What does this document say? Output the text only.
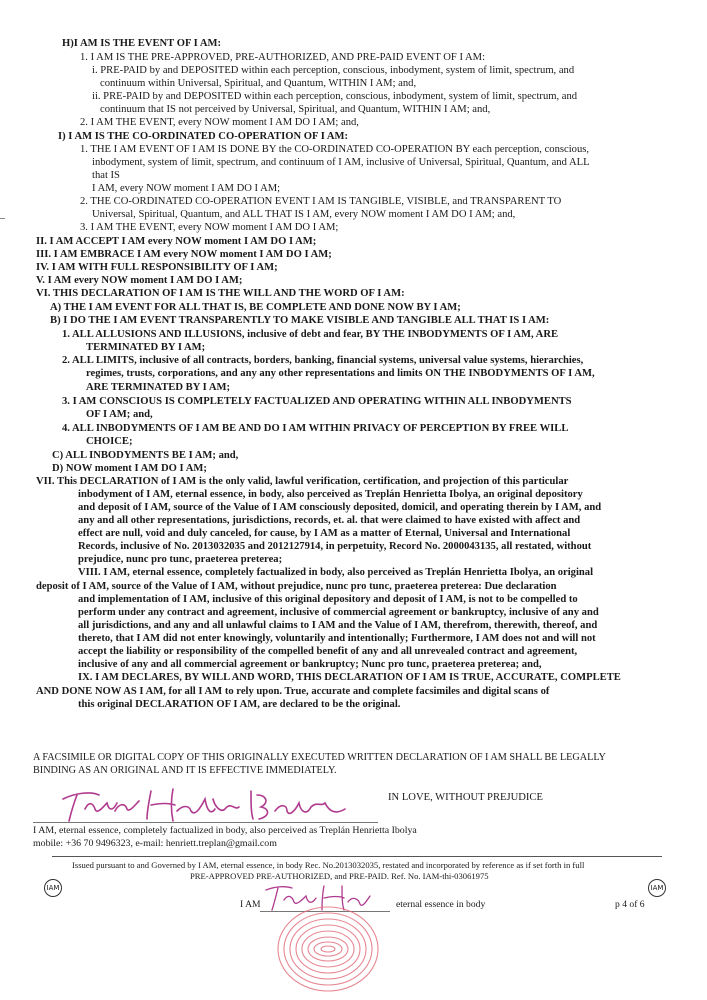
H)I AM IS THE EVENT OF I AM:
1. I AM IS THE PRE-APPROVED, PRE-AUTHORIZED, AND PRE-PAID EVENT OF I AM:
i. PRE-PAID by and DEPOSITED within each perception, conscious, inbodyment, system of limit, spectrum, and
continuum within Universal, Spiritual, and Quantum, WITHIN I AM; and,
ii. PRE-PAID by and DEPOSITED within each perception, conscious, inbodyment, system of limit, spectrum, and
continuum that IS not perceived by Universal, Spiritual, and Quantum, WITHIN I AM; and,
2. I AM THE EVENT, every NOW moment I AM DO I AM; and,
I) I AM IS THE CO-ORDINATED CO-OPERATION OF I AM:
1. THE I AM EVENT OF I AM IS DONE BY the CO-ORDINATED CO-OPERATION BY each perception, conscious,
inbodyment, system of limit, spectrum, and continuum of I AM, inclusive of Universal, Spiritual, Quantum, and ALL
that IS
I AM, every NOW moment I AM DO I AM;
2. THE CO-ORDINATED CO-OPERATION EVENT I AM IS TANGIBLE, VISIBLE, and TRANSPARENT TO
Universal, Spiritual, Quantum, and ALL THAT IS I AM, every NOW moment I AM DO I AM; and,
3. I AM THE EVENT, every NOW moment I AM DO I AM;
II. I AM ACCEPT I AM every NOW moment I AM DO I AM;
III. I AM EMBRACE I AM every NOW moment I AM DO I AM;
IV. I AM WITH FULL RESPONSIBILITY OF I AM;
V. I AM every NOW moment I AM DO I AM;
VI. THIS DECLARATION OF I AM IS THE WILL AND THE WORD OF I AM:
A) THE I AM EVENT FOR ALL THAT IS, BE COMPLETE AND DONE NOW BY I AM;
B) I DO THE I AM EVENT TRANSPARENTLY TO MAKE VISIBLE AND TANGIBLE ALL THAT IS I AM:
1. ALL ALLUSIONS AND ILLUSIONS, inclusive of debt and fear, BY THE INBODYMENTS OF I AM, ARE
TERMINATED BY I AM;
2. ALL LIMITS, inclusive of all contracts, borders, banking, financial systems, universal value systems, hierarchies,
regimes, trusts, corporations, and any any other representations and limits ON THE INBODYMENTS OF I AM,
ARE TERMINATED BY I AM;
3. I AM CONSCIOUS IS COMPLETELY FACTUALIZED AND OPERATING WITHIN ALL INBODYMENTS
OF I AM; and,
4. ALL INBODYMENTS OF I AM BE AND DO I AM WITHIN PRIVACY OF PERCEPTION BY FREE WILL
CHOICE;
C) ALL INBODYMENTS BE I AM; and,
D) NOW moment I AM DO I AM;
VII. This DECLARATION of I AM is the only valid, lawful verification, certification, and projection of this particular
inbodyment of I AM, eternal essence, in body, also perceived as Treplán Henrietta Ibolya, an original depository
and deposit of I AM, source of the Value of I AM consciously deposited, domicil, and operating therein by I AM, and
any and all other representations, jurisdictions, records, et. al. that were claimed to have existed with affect and
effect are null, void and duly canceled, for cause, by I AM as a matter of Eternal, Universal and International
Records, inclusive of No. 2013032035 and 2012127914, in perpetuity, Record No. 2000043135, all restated, without
prejudice, nunc pro tunc, praeterea preterea;
VIII. I AM, eternal essence, completely factualized in body, also perceived as Treplán Henrietta Ibolya, an original
deposit of I AM, source of the Value of I AM, without prejudice, nunc pro tunc, praeterea preterea: Due declaration
and implementation of I AM, inclusive of this original depository and deposit of I AM, is not to be compelled to
perform under any contract and agreement, inclusive of commercial agreement or bankruptcy, inclusive of any and
all jurisdictions, and any and all unlawful claims to I AM and the Value of I AM, therefrom, therewith, thereof, and
thereto, that I AM did not enter knowingly, voluntarily and intentionally; Furthermore, I AM does not and will not
accept the liability or responsibility of the compelled benefit of any and all unrevealed contract and agreement,
inclusive of any and all commercial agreement or bankruptcy; Nunc pro tunc, praeterea preterea; and,
IX. I AM DECLARES, BY WILL AND WORD, THIS DECLARATION OF I AM IS TRUE, ACCURATE, COMPLETE
AND DONE NOW AS I AM, for all I AM to rely upon. True, accurate and complete facsimiles and digital scans of
this original DECLARATION OF I AM, are declared to be the original.
A FACSIMILE OR DIGITAL COPY OF THIS ORIGINALLY EXECUTED WRITTEN DECLARATION OF I AM SHALL BE LEGALLY
BINDING AS AN ORIGINAL AND IT IS EFFECTIVE IMMEDIATELY.
IN LOVE, WITHOUT PREJUDICE
I AM, eternal essence, completely factualized in body, also perceived as Treplán Henrietta Ibolya
mobile: +36 70 9496323, e-mail: henriett.treplan@gmail.com
Issued pursuant to and Governed by I AM, eternal essence, in body Rec. No.2013032035, restated and incorporated by reference as if set forth in full
PRE-APPROVED PRE-AUTHORIZED, and PRE-PAID. Ref. No. IAM-thi-03061975
IAM	IAM
I AM	eternal essence in body	p 4 of 6
